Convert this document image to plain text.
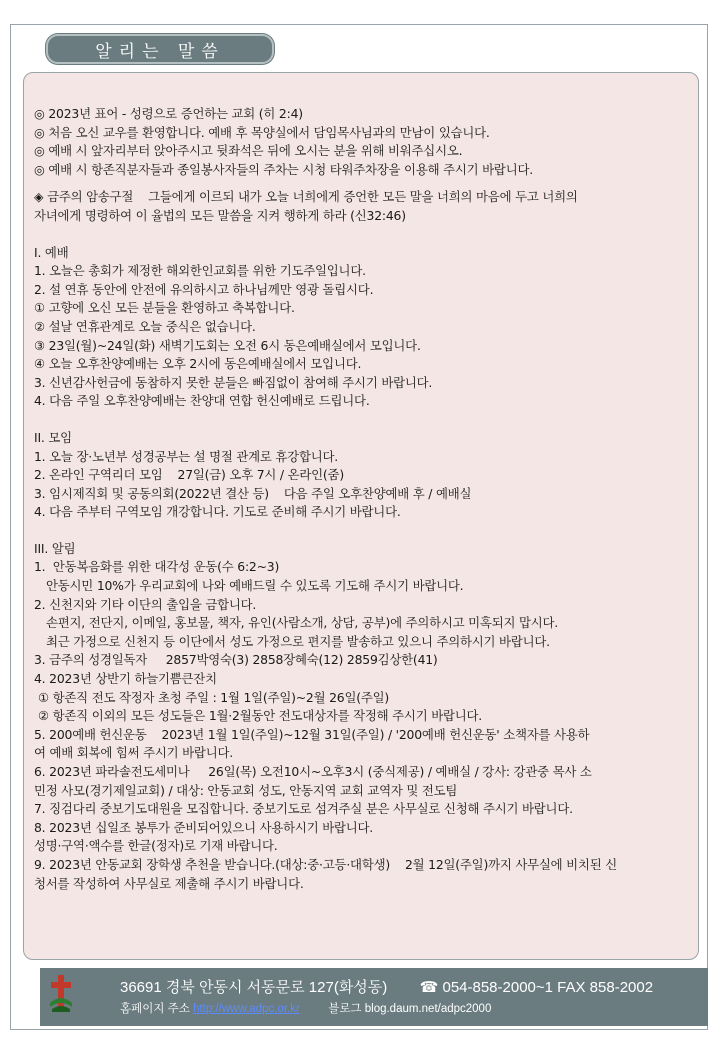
알리는 말씀

◎ 2023년 표어 - 성령으로 증언하는 교회 (히 2:4)

◎ 처음 오신 교우를 환영합니다. 예배 후 목양실에서 담임목사님과의 만남이 있습니다.

◎ 예배 시 앞자리부터 앉아주시고 뒷좌석은 뒤에 오시는 분을 위해 비워주십시오.

◎ 예배 시 항존직분자들과 종일봉사자들의 주차는 시청 타워주차장을 이용해 주시기 바랍니다.

◈ 금주의 암송구절    그들에게 이르되 내가 오늘 너희에게 증언한 모든 말을 너희의 마음에 두고 너희의

자녀에게 명령하여 이 율법의 모든 말씀을 지켜 행하게 하라 (신32:46)

I. 예배

1. 오늘은 총회가 제정한 해외한인교회를 위한 기도주일입니다.

2. 설 연휴 동안에 안전에 유의하시고 하나님께만 영광 돌립시다.

① 고향에 오신 모든 분들을 환영하고 축복합니다.

② 설날 연휴관계로 오늘 중식은 없습니다.

③ 23일(월)~24일(화) 새벽기도회는 오전 6시 동은예배실에서 모입니다.

④ 오늘 오후찬양예배는 오후 2시에 동은예배실에서 모입니다.

3. 신년감사헌금에 동참하지 못한 분들은 빠짐없이 참여해 주시기 바랍니다.

4. 다음 주일 오후찬양예배는 찬양대 연합 헌신예배로 드립니다.

II. 모임

1. 오늘 장·노년부 성경공부는 설 명절 관계로 휴강합니다.

2. 온라인 구역리더 모임    27일(금) 오후 7시 / 온라인(줌)

3. 임시제직회 및 공동의회(2022년 결산 등)    다음 주일 오후찬양예배 후 / 예배실

4. 다음 주부터 구역모임 개강합니다. 기도로 준비해 주시기 바랍니다.

III. 알림

1.  안동복음화를 위한 대각성 운동(수 6:2~3)

안동시민 10%가 우리교회에 나와 예배드릴 수 있도록 기도해 주시기 바랍니다.

2. 신천지와 기타 이단의 출입을 금합니다.

손편지, 전단지, 이메일, 홍보물, 책자, 유인(사람소개, 상담, 공부)에 주의하시고 미혹되지 맙시다.

최근 가정으로 신천지 등 이단에서 성도 가정으로 편지를 발송하고 있으니 주의하시기 바랍니다.

3. 금주의 성경일독자     2857박영숙(3) 2858장혜숙(12) 2859김상한(41)

4. 2023년 상반기 하늘기쁨큰잔치

① 항존직 전도 작정자 초청 주일 : 1월 1일(주일)~2월 26일(주일)

② 항존직 이외의 모든 성도들은 1월·2월동안 전도대상자를 작정해 주시기 바랍니다.

5. 200예배 헌신운동    2023년 1월 1일(주일)~12월 31일(주일) / '200예배 헌신운동' 소책자를 사용하

여 예배 회복에 힘써 주시기 바랍니다.

6. 2023년 파라솔전도세미나     26일(목) 오전10시~오후3시 (중식제공) / 예배실 / 강사: 강관중 목사 소

민정 사모(경기제일교회) / 대상: 안동교회 성도, 안동지역 교회 교역자 및 전도팀

7. 징검다리 중보기도대원을 모집합니다. 중보기도로 섬겨주실 분은 사무실로 신청해 주시기 바랍니다.

8. 2023년 십일조 봉투가 준비되어있으니 사용하시기 바랍니다.

성명·구역·액수를 한글(정자)로 기재 바랍니다.

9. 2023년 안동교회 장학생 추천을 받습니다.(대상:중·고등·대학생)    2월 12일(주일)까지 사무실에 비치된 신

청서를 작성하여 사무실로 제출해 주시기 바랍니다.

36691 경북 안동시 서동문로 127(화성동) ☎ 054-858-2000~1 FAX 858-2002
홈페이지 주소 http://www.adpc.or.kr 블로그 blog.daum.net/adpc2000
